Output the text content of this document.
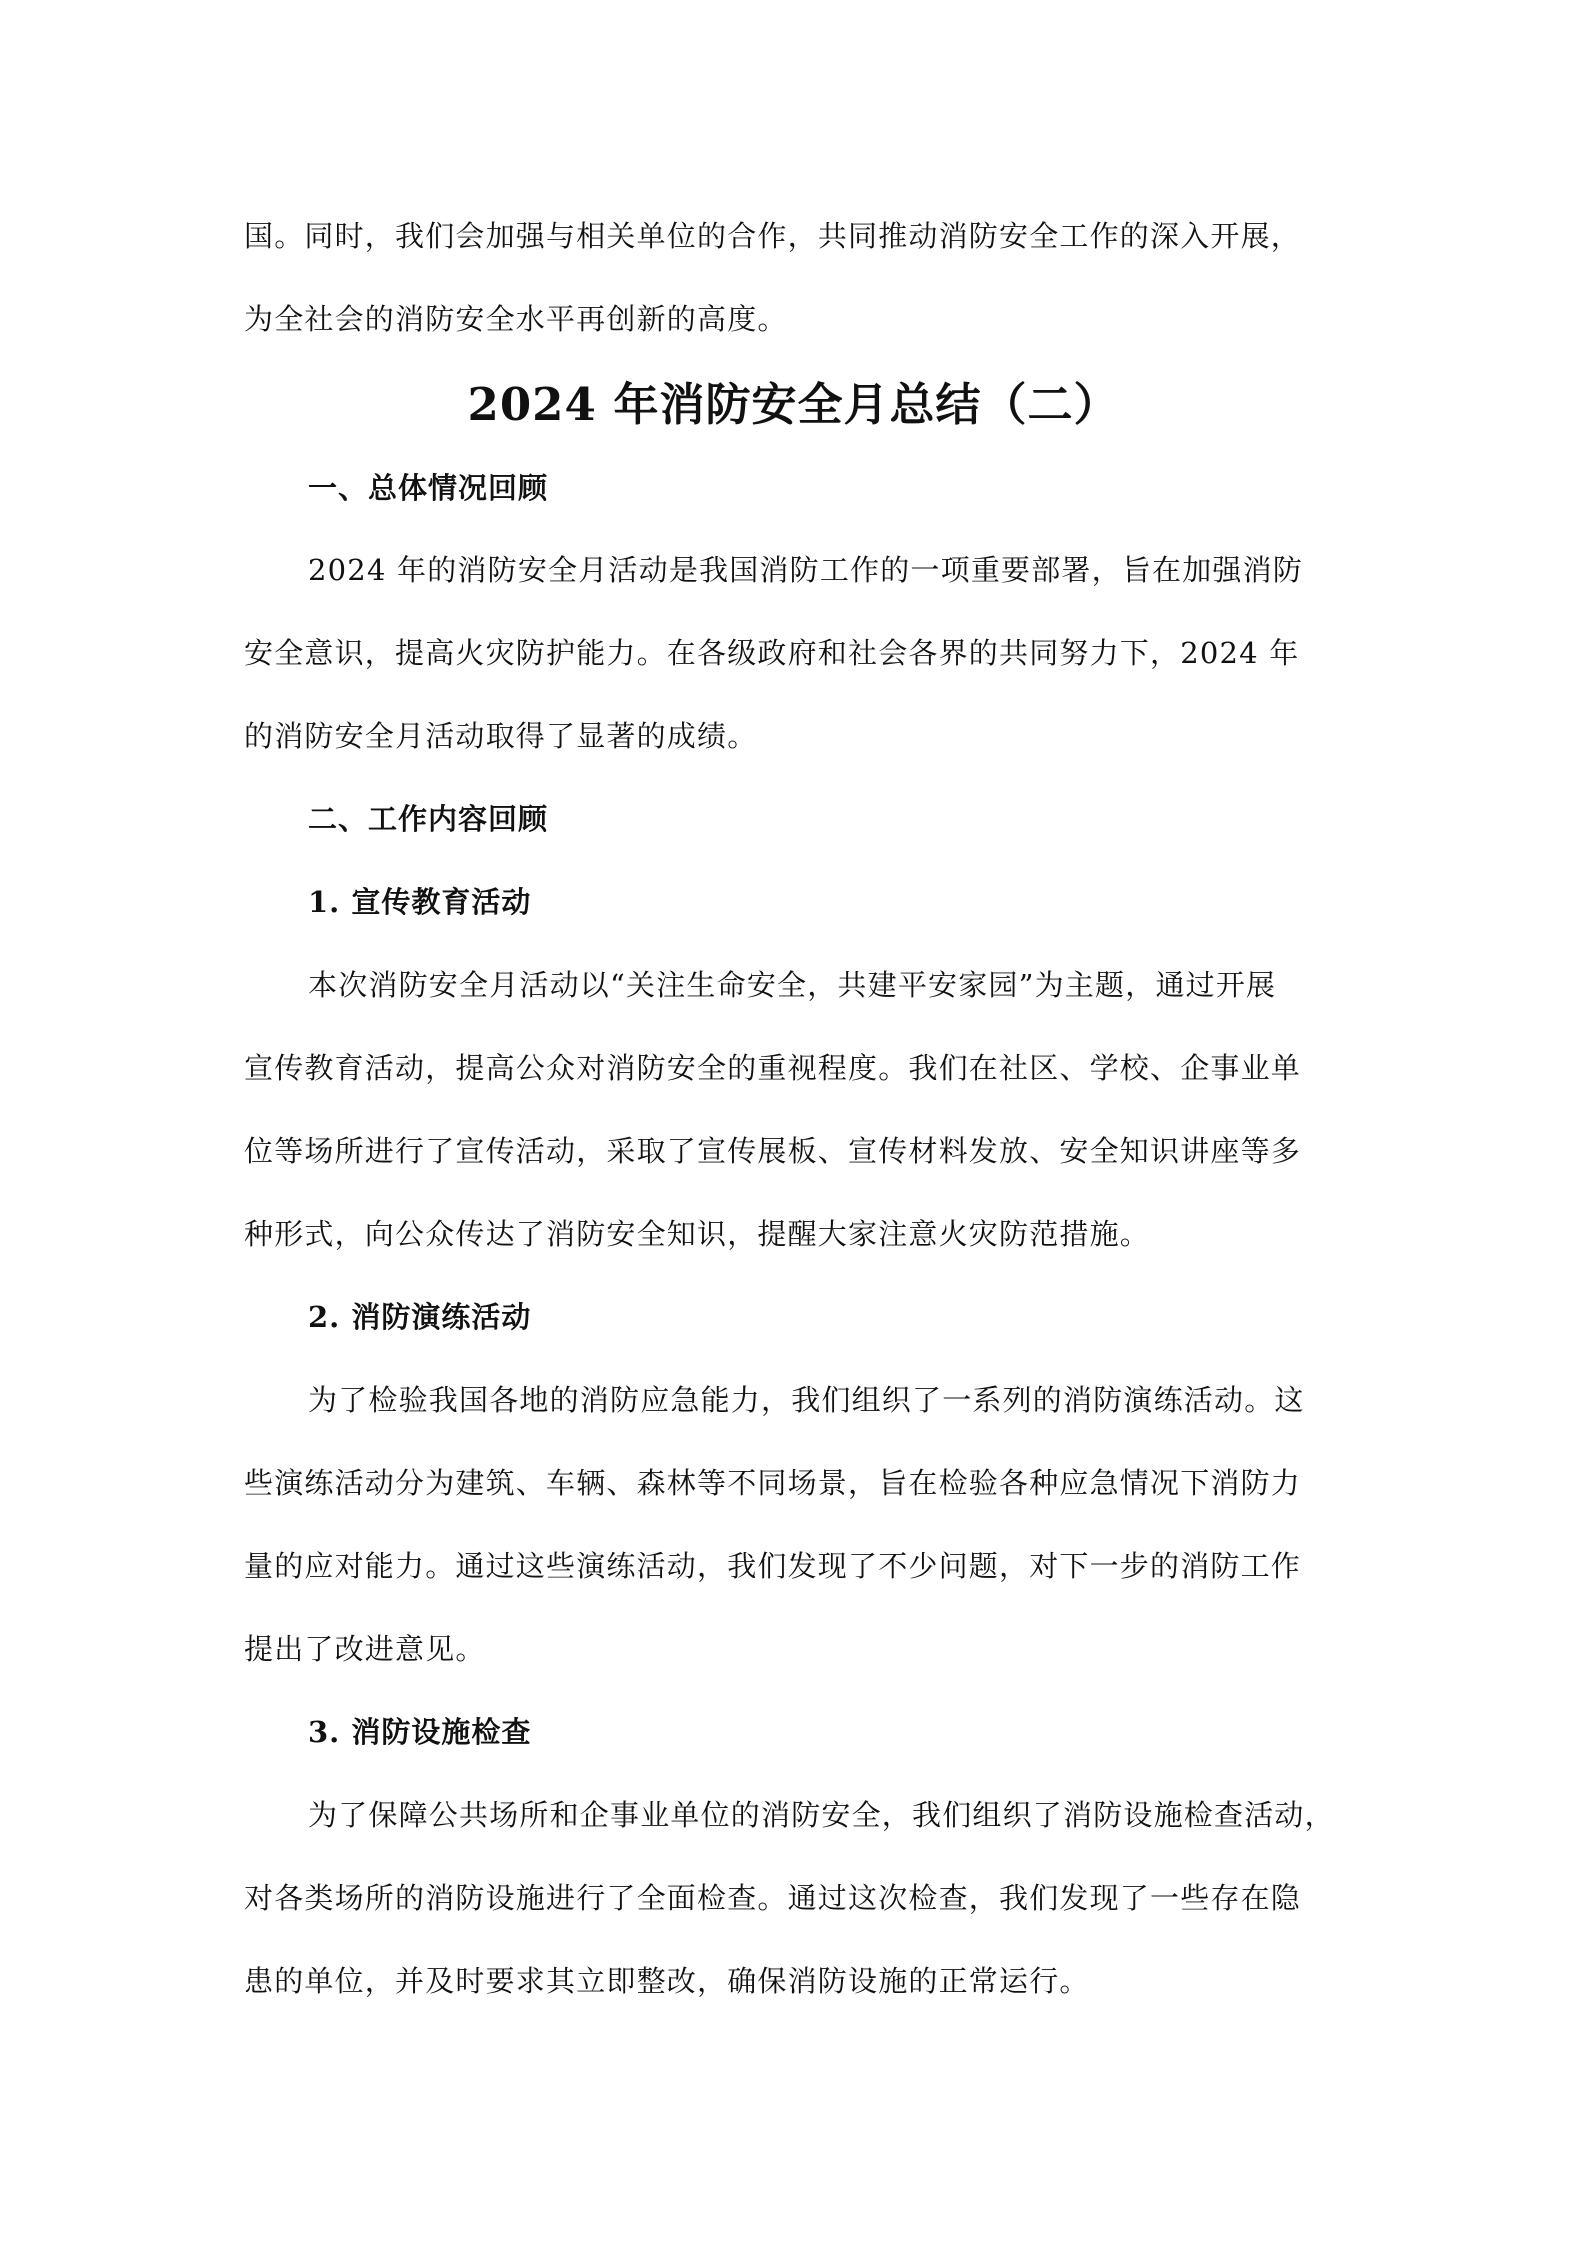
国。同时，我们会加强与相关单位的合作，共同推动消防安全工作的深入开展，
为全社会的消防安全水平再创新的高度。
2024 年消防安全月总结（二）
一、总体情况回顾
2024 年的消防安全月活动是我国消防工作的一项重要部署，旨在加强消防
安全意识，提高火灾防护能力。在各级政府和社会各界的共同努力下，2024 年
的消防安全月活动取得了显著的成绩。
二、工作内容回顾
1. 宣传教育活动
本次消防安全月活动以“关注生命安全，共建平安家园”为主题，通过开展
宣传教育活动，提高公众对消防安全的重视程度。我们在社区、学校、企事业单
位等场所进行了宣传活动，采取了宣传展板、宣传材料发放、安全知识讲座等多
种形式，向公众传达了消防安全知识，提醒大家注意火灾防范措施。
2. 消防演练活动
为了检验我国各地的消防应急能力，我们组织了一系列的消防演练活动。这
些演练活动分为建筑、车辆、森林等不同场景，旨在检验各种应急情况下消防力
量的应对能力。通过这些演练活动，我们发现了不少问题，对下一步的消防工作
提出了改进意见。
3. 消防设施检查
为了保障公共场所和企事业单位的消防安全，我们组织了消防设施检查活动，
对各类场所的消防设施进行了全面检查。通过这次检查，我们发现了一些存在隐
患的单位，并及时要求其立即整改，确保消防设施的正常运行。
